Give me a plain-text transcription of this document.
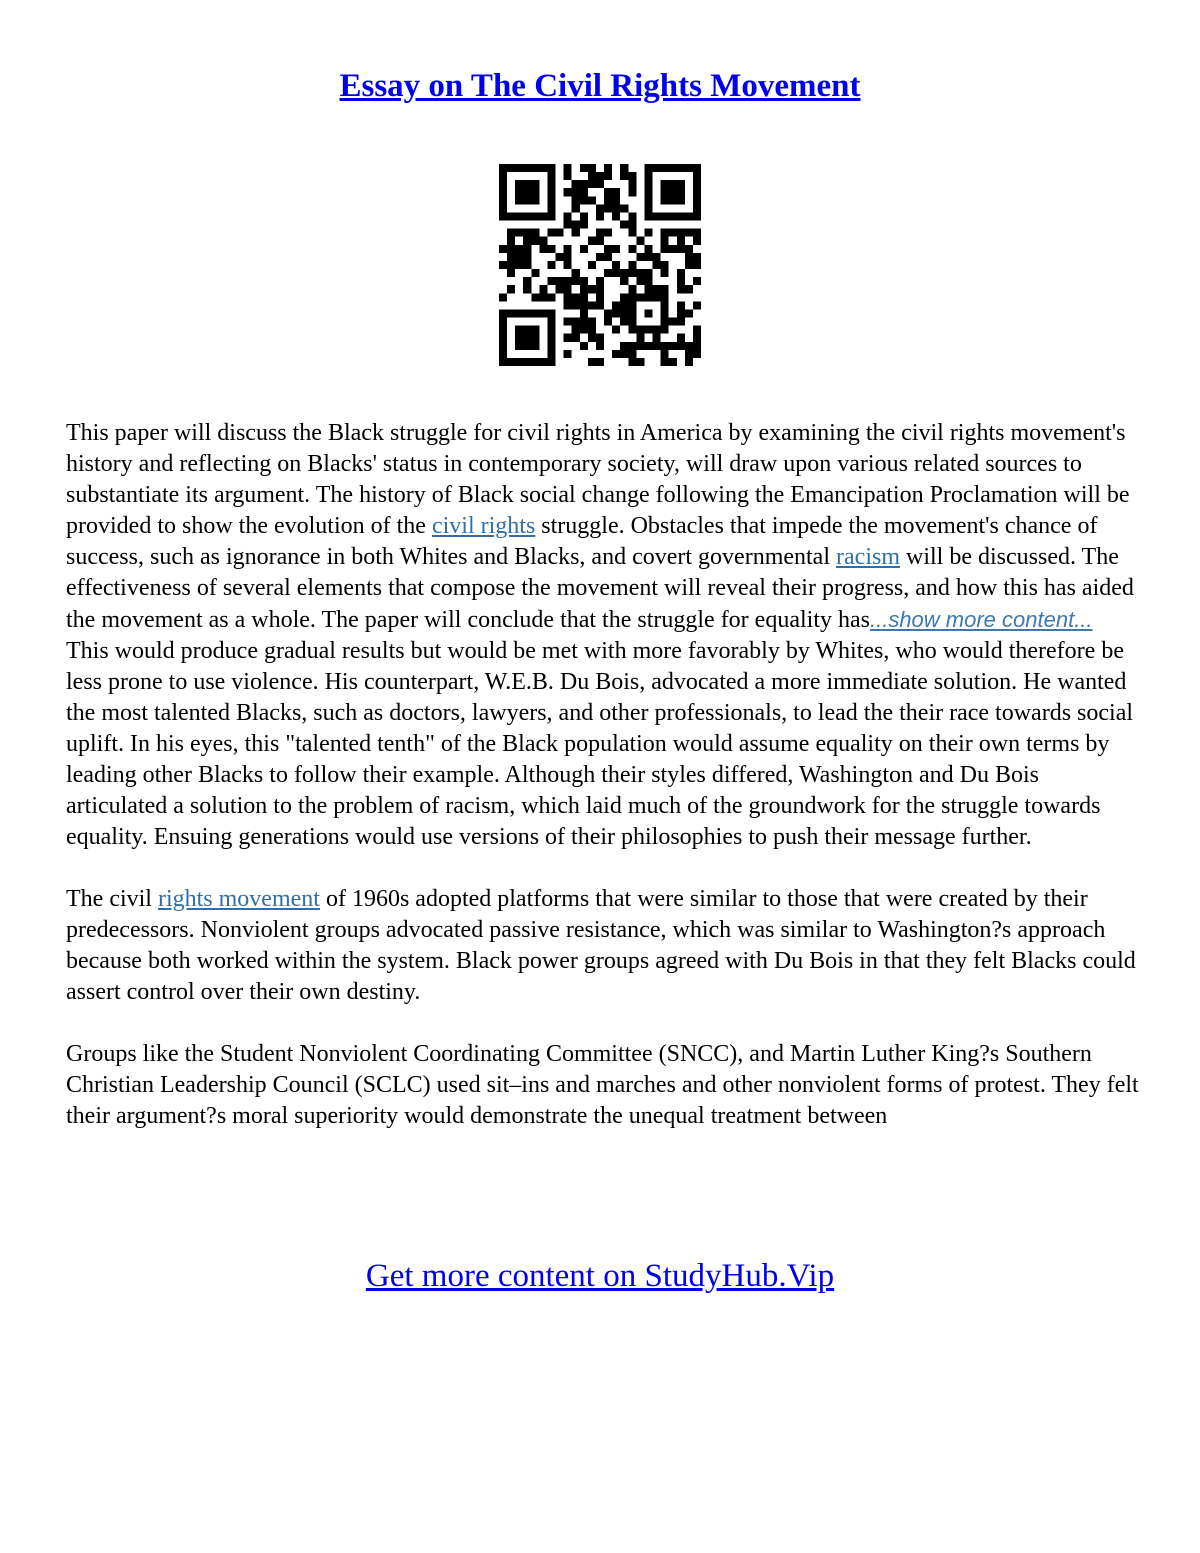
Essay on The Civil Rights Movement

This paper will discuss the Black struggle for civil rights in America by examining the civil rights movement's history and reflecting on Blacks' status in contemporary society, will draw upon various related sources to substantiate its argument. The history of Black social change following the Emancipation Proclamation will be provided to show the evolution of the civil rights struggle. Obstacles that impede the movement's chance of success, such as ignorance in both Whites and Blacks, and covert governmental racism will be discussed. The effectiveness of several elements that compose the movement will reveal their progress, and how this has aided the movement as a whole. The paper will conclude that the struggle for equality has...show more content...

This would produce gradual results but would be met with more favorably by Whites, who would therefore be less prone to use violence. His counterpart, W.E.B. Du Bois, advocated a more immediate solution. He wanted the most talented Blacks, such as doctors, lawyers, and other professionals, to lead the their race towards social uplift. In his eyes, this "talented tenth" of the Black population would assume equality on their own terms by leading other Blacks to follow their example. Although their styles differed, Washington and Du Bois articulated a solution to the problem of racism, which laid much of the groundwork for the struggle towards equality. Ensuing generations would use versions of their philosophies to push their message further.

The civil rights movement of 1960s adopted platforms that were similar to those that were created by their predecessors. Nonviolent groups advocated passive resistance, which was similar to Washington?s approach because both worked within the system. Black power groups agreed with Du Bois in that they felt Blacks could assert control over their own destiny.

Groups like the Student Nonviolent Coordinating Committee (SNCC), and Martin Luther King?s Southern Christian Leadership Council (SCLC) used sit–ins and marches and other nonviolent forms of protest. They felt their argument?s moral superiority would demonstrate the unequal treatment between

Get more content on StudyHub.Vip
